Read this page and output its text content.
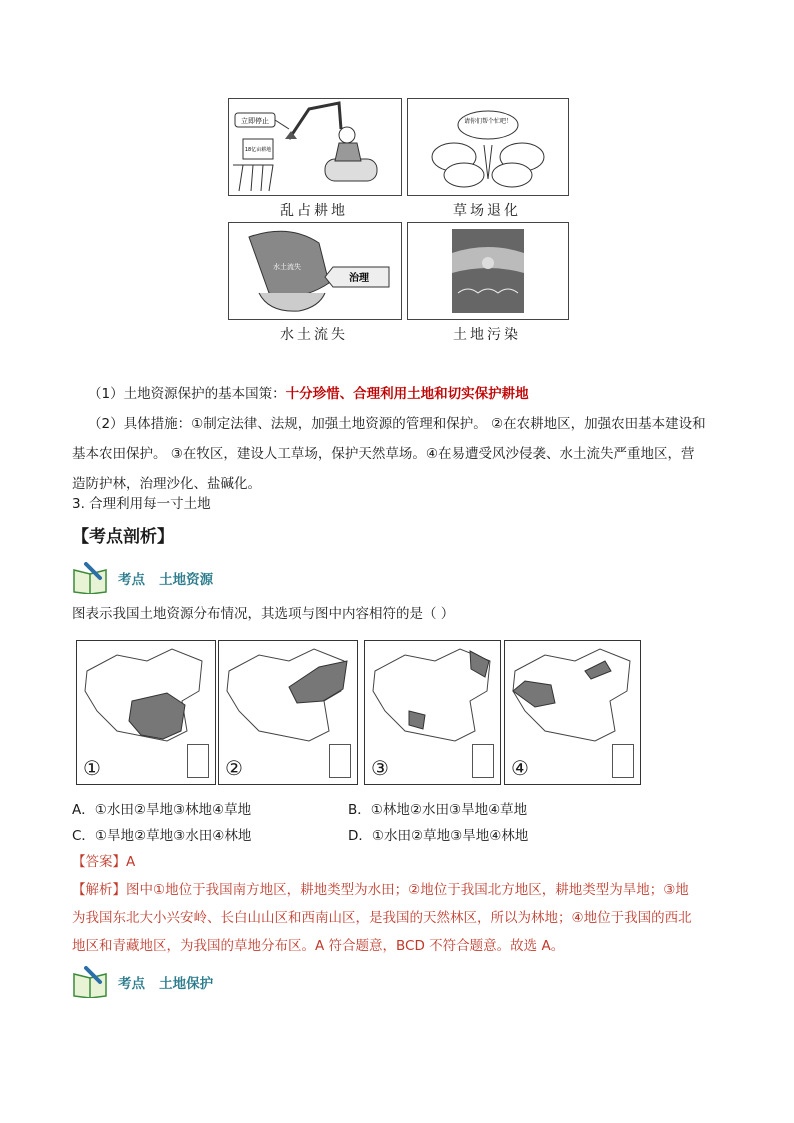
立即停止
18亿亩耕地
乱占耕地
请你们帮个忙吧！
草场退化
水土流失
治理
水土流失	土地污染
（1）土地资源保护的基本国策：十分珍惜、合理利用土地和切实保护耕地
（2）具体措施：①制定法律、法规，加强土地资源的管理和保护。 ②在农耕地区，加强农田基本建设和
基本农田保护。 ③在牧区，建设人工草场，保护天然草场。④在易遭受风沙侵袭、水土流失严重地区，营
造防护林，治理沙化、盐碱化。
3. 合理利用每一寸土地
【考点剖析】
考点 土地资源
图表示我国土地资源分布情况，其选项与图中内容相符的是（ ）
①	②	③	④
A．①水田②旱地③林地④草地	B．①林地②水田③旱地④草地
C．①旱地②草地③水田④林地	D．①水田②草地③旱地④林地
【答案】A
【解析】图中①地位于我国南方地区，耕地类型为水田；②地位于我国北方地区，耕地类型为旱地；③地
为我国东北大小兴安岭、长白山山区和西南山区，是我国的天然林区，所以为林地；④地位于我国的西北
地区和青藏地区，为我国的草地分布区。A 符合题意，BCD 不符合题意。故选 A。
考点 土地保护
